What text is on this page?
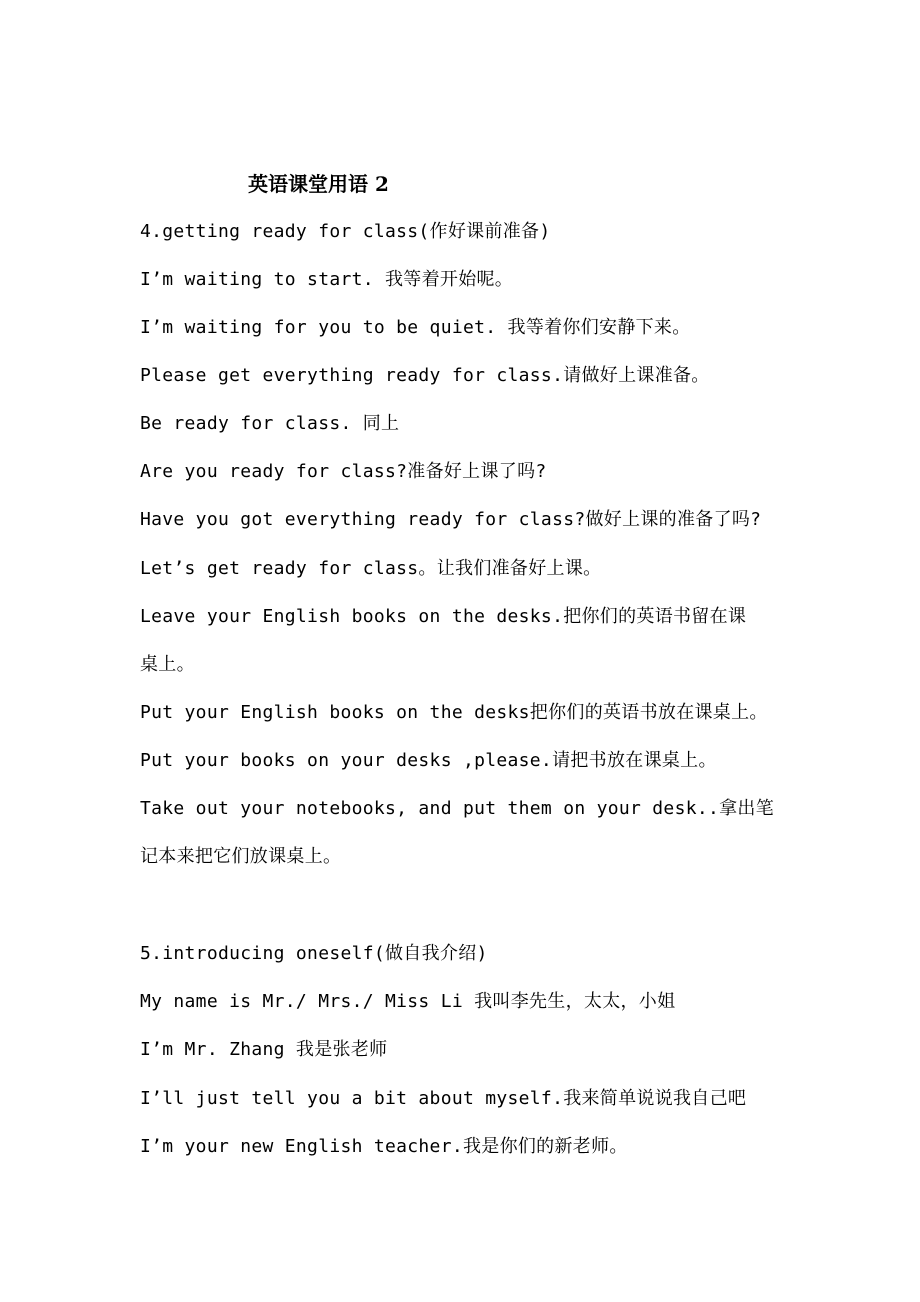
英语课堂用语 2
4.getting ready for class(作好课前准备)
I’m waiting to start. 我等着开始呢。
I’m waiting for you to be quiet. 我等着你们安静下来。
Please get everything ready for class.请做好上课准备。
Be ready for class. 同上
Are you ready for class?准备好上课了吗?
Have you got everything ready for class?做好上课的准备了吗?
Let’s get ready for class。让我们准备好上课。
Leave your English books on the desks.把你们的英语书留在课
桌上。
Put your English books on the desks把你们的英语书放在课桌上。
Put your books on your desks ,please.请把书放在课桌上。
Take out your notebooks, and put them on your desk..拿出笔
记本来把它们放课桌上。
5.introducing oneself(做自我介绍)
My name is Mr./ Mrs./ Miss Li 我叫李先生，太太，小姐
I’m Mr. Zhang 我是张老师
I’ll just tell you a bit about myself.我来简单说说我自己吧
I’m your new English teacher.我是你们的新老师。
